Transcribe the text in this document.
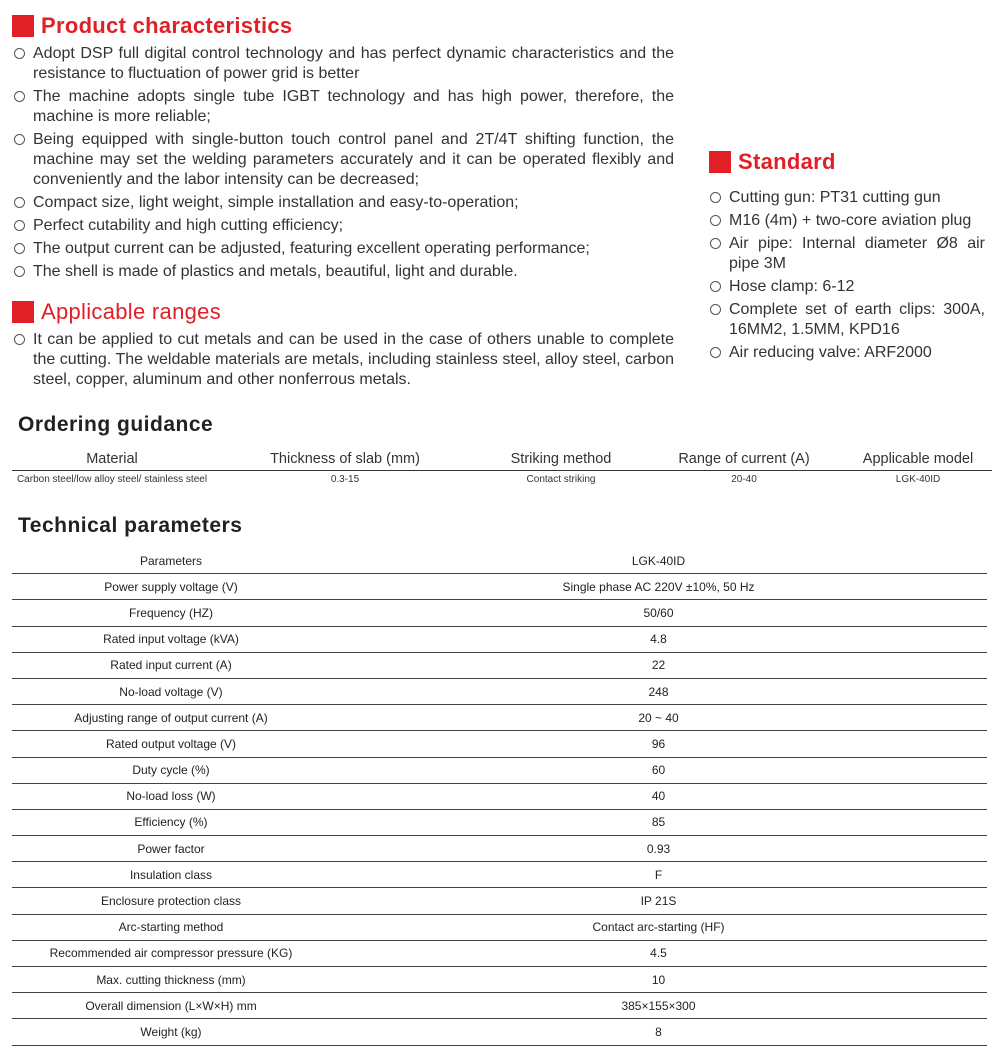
Product characteristics
Adopt DSP full digital control technology and has perfect dynamic characteristics and the resistance to fluctuation of power grid is better
The machine adopts single tube IGBT technology and has high power, therefore, the machine is more reliable;
Being equipped with single-button touch control panel and 2T/4T shifting function, the machine may set the welding parameters accurately and it can be operated flexibly and conveniently and the labor intensity can be decreased;
Compact size, light weight, simple installation and easy-to-operation;
Perfect cutability and high cutting efficiency;
The output current can be adjusted, featuring excellent operating performance;
The shell is made of plastics and metals, beautiful, light and durable.
Applicable ranges
It can be applied to cut metals and can be used in the case of others unable to complete the cutting. The weldable materials are metals, including stainless steel, alloy steel, carbon steel, copper, aluminum and other nonferrous metals.
Standard
Cutting gun: PT31 cutting gun
M16 (4m) + two-core aviation plug
Air pipe: Internal diameter Ø8 air pipe 3M
Hose clamp: 6-12
Complete set of earth clips: 300A, 16MM2, 1.5MM, KPD16
Air reducing valve: ARF2000
Ordering guidance
Material	Thickness of slab (mm)	Striking method	Range of current (A)	Applicable model
Carbon steel/low alloy steel/ stainless steel	0.3-15	Contact striking	20-40	LGK-40ID
Technical parameters
Parameters	LGK-40ID
Power supply voltage (V)	Single phase AC 220V ±10%, 50 Hz
Frequency (HZ)	50/60
Rated input voltage (kVA)	4.8
Rated input current (A)	22
No-load voltage (V)	248
Adjusting range of output current (A)	20 ~ 40
Rated output voltage (V)	96
Duty cycle (%)	60
No-load loss (W)	40
Efficiency (%)	85
Power factor	0.93
Insulation class	F
Enclosure protection class	IP 21S
Arc-starting method	Contact arc-starting (HF)
Recommended air compressor pressure (KG)	4.5
Max. cutting thickness (mm)	10
Overall dimension (L×W×H) mm	385×155×300
Weight (kg)	8
